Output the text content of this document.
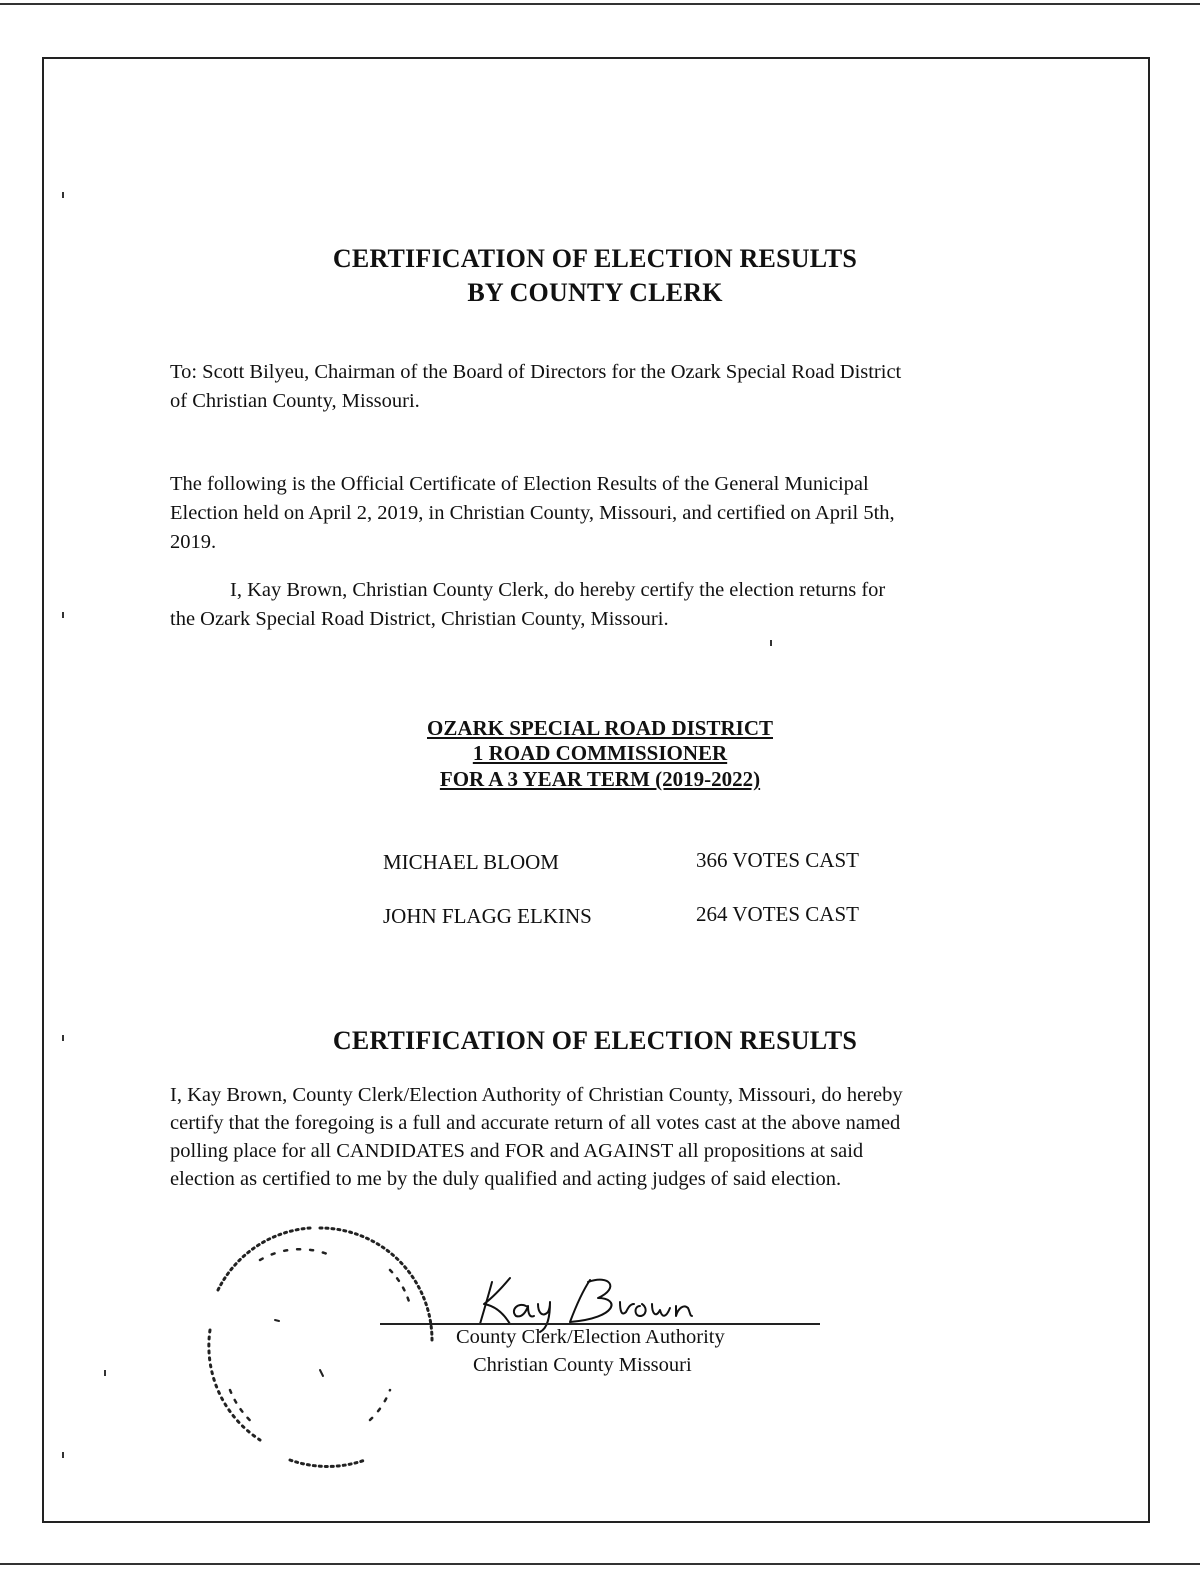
CERTIFICATION OF ELECTION RESULTS
BY COUNTY CLERK
To: Scott Bilyeu, Chairman of the Board of Directors for the Ozark Special Road District
of Christian County, Missouri.
The following is the Official Certificate of Election Results of the General Municipal
Election held on April 2, 2019, in Christian County, Missouri, and certified on April 5th,
2019.
I, Kay Brown, Christian County Clerk, do hereby certify the election returns for
the Ozark Special Road District, Christian County, Missouri.
OZARK SPECIAL ROAD DISTRICT
1 ROAD COMMISSIONER
FOR A 3 YEAR TERM (2019-2022)
MICHAEL BLOOM	366 VOTES CAST
JOHN FLAGG ELKINS	264 VOTES CAST
CERTIFICATION OF ELECTION RESULTS
I, Kay Brown, County Clerk/Election Authority of Christian County, Missouri, do hereby
certify that the foregoing is a full and accurate return of all votes cast at the above named
polling place for all CANDIDATES and FOR and AGAINST all propositions at said
election as certified to me by the duly qualified and acting judges of said election.
County Clerk/Election Authority
Christian County Missouri
